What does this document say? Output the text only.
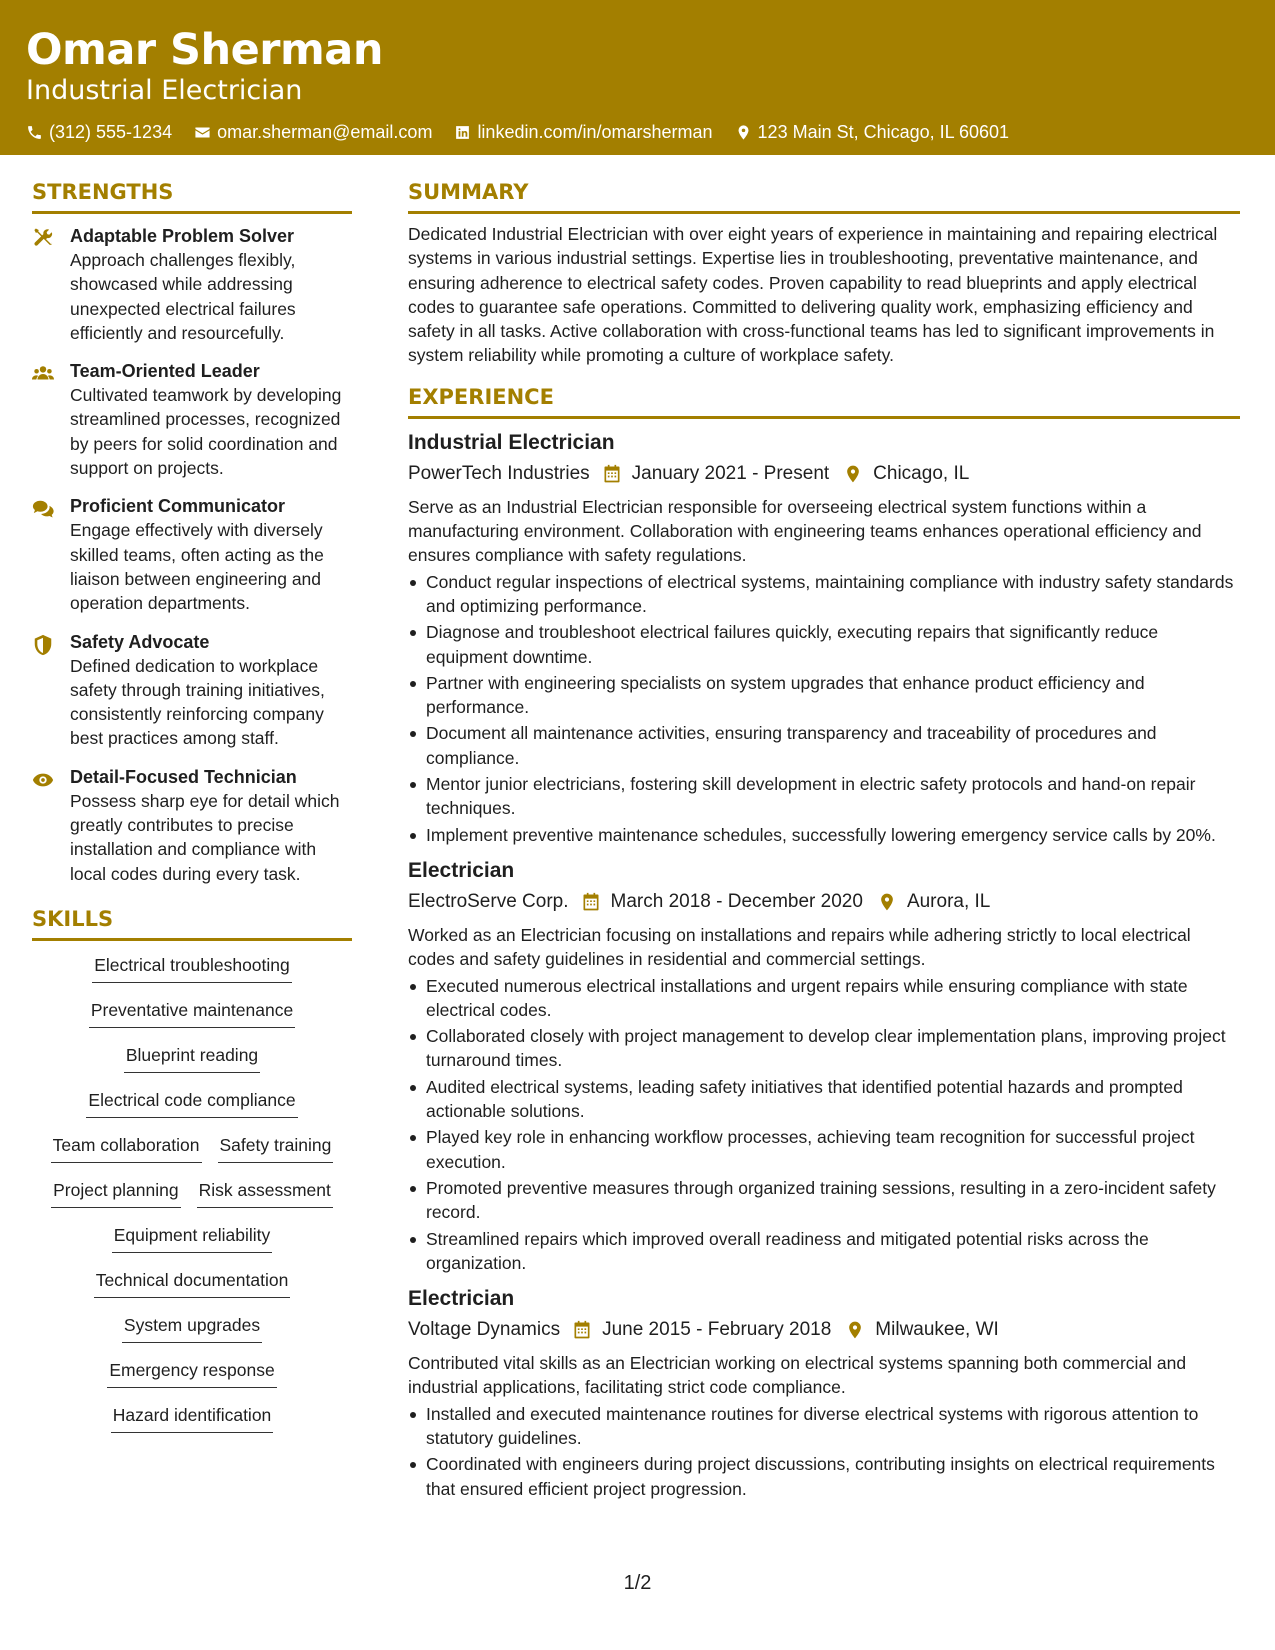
Omar Sherman
Industrial Electrician
(312) 555-1234	omar.sherman@email.com	linkedin.com/in/omarsherman	123 Main St, Chicago, IL 60601
STRENGTHS
Adaptable Problem Solver

Approach challenges flexibly, showcased while addressing unexpected electrical failures efficiently and resourcefully.

Team-Oriented Leader

Cultivated teamwork by developing streamlined processes, recognized by peers for solid coordination and support on projects.

Proficient Communicator

Engage effectively with diversely skilled teams, often acting as the liaison between engineering and operation departments.

Safety Advocate

Defined dedication to workplace safety through training initiatives, consistently reinforcing company best practices among staff.

Detail-Focused Technician

Possess sharp eye for detail which greatly contributes to precise installation and compliance with local codes during every task.

SKILLS
Electrical troubleshooting
Preventative maintenance
Blueprint reading
Electrical code compliance
Team collaboration Safety training
Project planning Risk assessment
Equipment reliability
Technical documentation
System upgrades
Emergency response
Hazard identification
SUMMARY

Dedicated Industrial Electrician with over eight years of experience in maintaining and repairing electrical systems in various industrial settings. Expertise lies in troubleshooting, preventative maintenance, and ensuring adherence to electrical safety codes. Proven capability to read blueprints and apply electrical codes to guarantee safe operations. Committed to delivering quality work, emphasizing efficiency and safety in all tasks. Active collaboration with cross-functional teams has led to significant improvements in system reliability while promoting a culture of workplace safety.

EXPERIENCE
Industrial Electrician
PowerTech Industries January 2021 - Present Chicago, IL

Serve as an Industrial Electrician responsible for overseeing electrical system functions within a manufacturing environment. Collaboration with engineering teams enhances operational efficiency and ensures compliance with safety regulations.

Conduct regular inspections of electrical systems, maintaining compliance with industry safety standards and optimizing performance.
Diagnose and troubleshoot electrical failures quickly, executing repairs that significantly reduce equipment downtime.
Partner with engineering specialists on system upgrades that enhance product efficiency and performance.
Document all maintenance activities, ensuring transparency and traceability of procedures and compliance.
Mentor junior electricians, fostering skill development in electric safety protocols and hand-on repair techniques.
Implement preventive maintenance schedules, successfully lowering emergency service calls by 20%.
Electrician
ElectroServe Corp. March 2018 - December 2020 Aurora, IL

Worked as an Electrician focusing on installations and repairs while adhering strictly to local electrical codes and safety guidelines in residential and commercial settings.

Executed numerous electrical installations and urgent repairs while ensuring compliance with state electrical codes.
Collaborated closely with project management to develop clear implementation plans, improving project turnaround times.
Audited electrical systems, leading safety initiatives that identified potential hazards and prompted actionable solutions.
Played key role in enhancing workflow processes, achieving team recognition for successful project execution.
Promoted preventive measures through organized training sessions, resulting in a zero-incident safety record.
Streamlined repairs which improved overall readiness and mitigated potential risks across the organization.
Electrician
Voltage Dynamics June 2015 - February 2018 Milwaukee, WI

Contributed vital skills as an Electrician working on electrical systems spanning both commercial and industrial applications, facilitating strict code compliance.

Installed and executed maintenance routines for diverse electrical systems with rigorous attention to statutory guidelines.
Coordinated with engineers during project discussions, contributing insights on electrical requirements that ensured efficient project progression.
1/2
